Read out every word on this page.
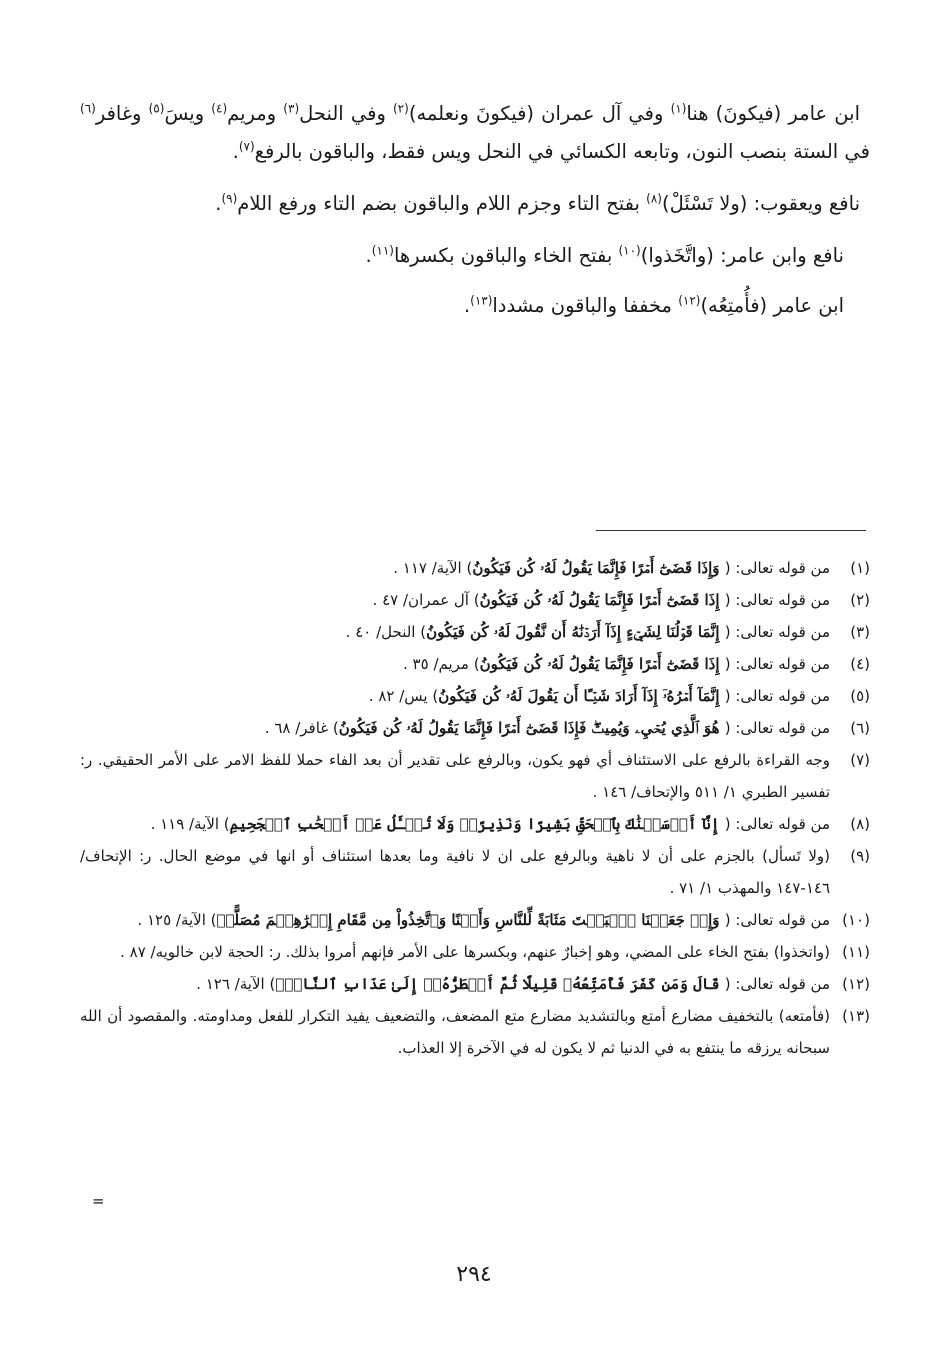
ابن عامر (فيكونَ) هنا$^{(١)}$ وفي آل عمران (فيكونَ ونعلمه)$^{(٢)}$ وفي النحل$^{(٣)}$ ومريم$^{(٤)}$ ويسَ$^{(٥)}$ وغافر$^{(٦)}$ في الستة بنصب النون، وتابعه الكسائي في النحل ويس فقط، والباقون بالرفع$^{(٧)}$.

نافع ويعقوب: (ولا تَسْئَلْ)$^{(٨)}$ بفتح التاء وجزم اللام والباقون بضم التاء ورفع اللام$^{(٩)}$.

نافع وابن عامر: (واتَّخَذوا)$^{(١٠)}$ بفتح الخاء والباقون بكسرها$^{(١١)}$.

ابن عامر (فأُمتِعُه)$^{(١٢)}$ مخففا والباقون مشددا$^{(١٣)}$.

(١)
من قوله تعالى: ( وَإِذَا قَضَىٰٓ أَمۡرًا فَإِنَّمَا يَقُولُ لَهُۥ كُن فَيَكُونُ) الآية/ ١١٧ .
(٢)
من قوله تعالى: ( إِذَا قَضَىٰٓ أَمۡرًا فَإِنَّمَا يَقُولُ لَهُۥ كُن فَيَكُونُ) آل عمران/ ٤٧ .
(٣)
من قوله تعالى: ( إِنَّمَا قَوۡلُنَا لِشَيۡءٍ إِذَآ أَرَدۡنَٰهُ أَن نَّقُولَ لَهُۥ كُن فَيَكُونُ) النحل/ ٤٠ .
(٤)
من قوله تعالى: ( إِذَا قَضَىٰٓ أَمۡرًا فَإِنَّمَا يَقُولُ لَهُۥ كُن فَيَكُونُ) مريم/ ٣٥ .
(٥)
من قوله تعالى: ( إِنَّمَآ أَمۡرُهُۥٓ إِذَآ أَرَادَ شَيۡـًٔا أَن يَقُولَ لَهُۥ كُن فَيَكُونُ) يس/ ٨٢ .
(٦)
من قوله تعالى: ( هُوَ ٱلَّذِي يُحۡيِۦ وَيُمِيتُۖ فَإِذَا قَضَىٰٓ أَمۡرًا فَإِنَّمَا يَقُولُ لَهُۥ كُن فَيَكُونُ) غافر/ ٦٨ .
(٧)
وجه القراءة بالرفع على الاستئناف أي فهو يكون، وبالرفع على تقدير أن بعد الفاء حملا للفظ الامر على الأمر الحقيقي. ر: تفسير الطبري ١/ ٥١١ والإتحاف/ ١٤٦ .
(٨)
من قوله تعالى: ( إِنَّآ أَرۡسَلۡنَٰكَ بِٱلۡحَقِّ بَشِيرًا وَنَذِيرًاۖ وَلَا تُسۡـَٔلُ عَنۡ أَصۡحَٰبِ ٱلۡجَحِيمِ) الآية/ ١١٩ .
(٩)
(ولا تَسأل) بالجزم على أن لا ناهية وبالرفع على ان لا نافية وما بعدها استئناف أو انها في موضع الحال. ر: الإتحاف/ ١٤٦-١٤٧ والمهذب ١/ ٧١ .
(١٠)
من قوله تعالى: ( وَإِذۡ جَعَلۡنَا ٱلۡبَيۡتَ مَثَابَةً لِّلنَّاسِ وَأَمۡنًا وَٱتَّخِذُواْ مِن مَّقَامِ إِبۡرَٰهِـۧمَ مُصَلًّىۖ) الآية/ ١٢٥ .
(١١)
(واتخذوا) بفتح الخاء على المضي، وهو إخبارٌ عنهم، وبكسرها على الأمر فإنهم أمروا بذلك. ر: الحجة لابن خالويه/ ٨٧ .
(١٢)
من قوله تعالى: ( قَالَ وَمَن كَفَرَ فَأُمَتِّعُهُۥ قَلِيلًا ثُمَّ أَضۡطَرُّهُۥٓ إِلَىٰ عَذَابِ ٱلنَّارِۖ) الآية/ ١٢٦ .
(١٣)
(فأمتعه) بالتخفيف مضارع أمتع وبالتشديد مضارع متع المضعف، والتضعيف يفيد التكرار للفعل ومداومته. والمقصود أن الله سبحانه يرزقه ما ينتفع به في الدنيا ثم لا يكون له في الآخرة إلا العذاب.
=
٢٩٤
